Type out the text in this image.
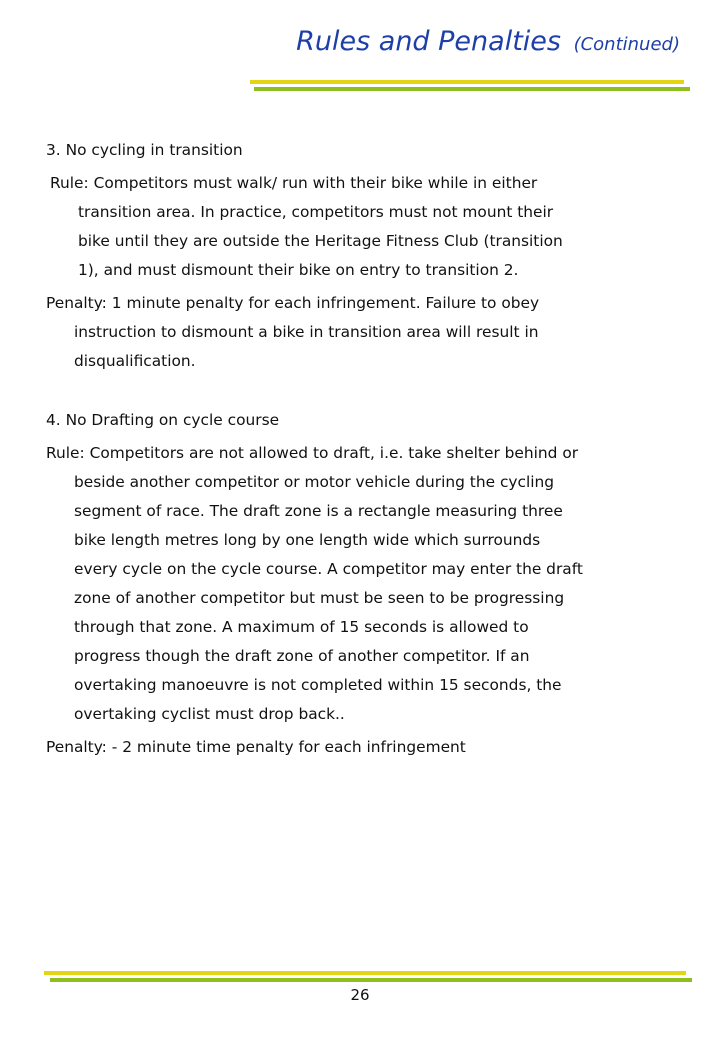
Rules and Penalties (Continued)

3. No cycling in transition

Rule: Competitors must walk/ run with their bike while in either transition area. In practice, competitors must not mount their bike until they are outside the Heritage Fitness Club (transition 1), and must dismount their bike on entry to transition 2.

Penalty: 1 minute penalty for each infringement. Failure to obey instruction to dismount a bike in transition area will result in disqualification.

4. No Drafting on cycle course

Rule: Competitors are not allowed to draft, i.e. take shelter behind or beside another competitor or motor vehicle during the cycling segment of race. The draft zone is a rectangle measuring three bike length metres long by one length wide which surrounds every cycle on the cycle course. A competitor may enter the draft zone of another competitor but must be seen to be progressing through that zone. A maximum of 15 seconds is allowed to progress though the draft zone of another competitor. If an overtaking manoeuvre is not completed within 15 seconds, the overtaking cyclist must drop back..

Penalty: - 2 minute time penalty for each infringement

26
